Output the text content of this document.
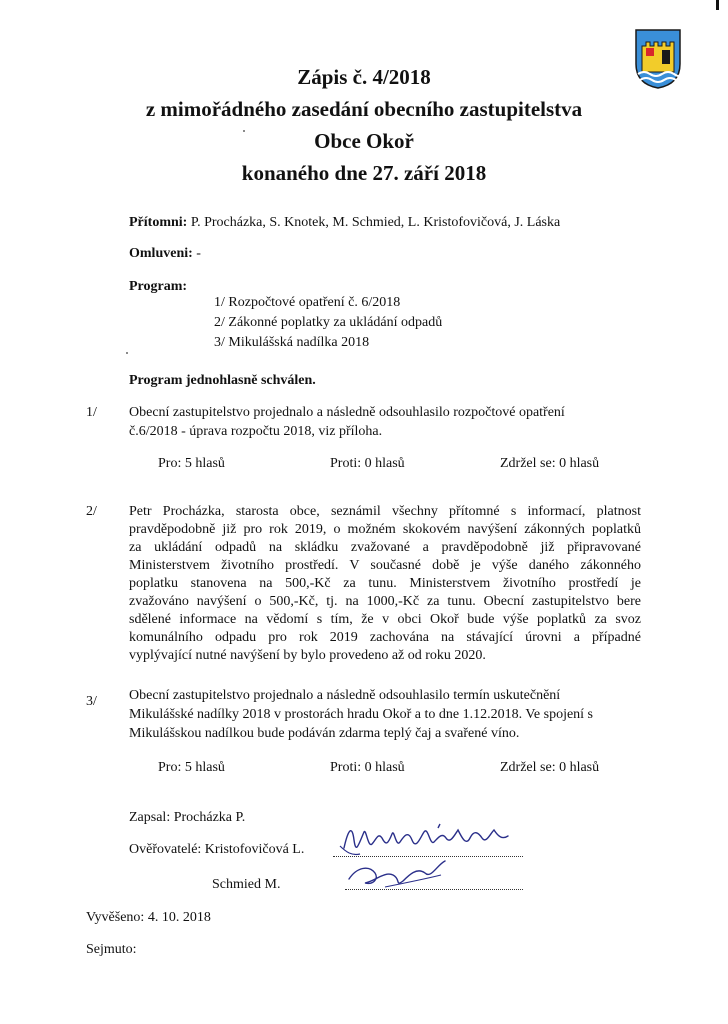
Zápis č. 4/2018
z mimořádného zasedání obecního zastupitelstva
Obce Okoř
konaného dne 27. září 2018
Přítomni: P. Procházka, S. Knotek, M. Schmied, L. Kristofovičová, J. Láska
Omluveni: -
Program:
1/ Rozpočtové opatření č. 6/2018
2/ Zákonné poplatky za ukládání odpadů
3/ Mikulášská nadílka 2018
Program jednohlasně schválen.
1/ Obecní zastupitelstvo projednalo a následně odsouhlasilo rozpočtové opatření
č.6/2018 - úprava rozpočtu 2018, viz příloha.
Pro: 5 hlasů	Proti: 0 hlasů	Zdržel se: 0 hlasů
2/ Petr Procházka, starosta obce, seznámil všechny přítomné s informací, platnost
pravděpodobně již pro rok 2019, o možném skokovém navýšení zákonných poplatků
za ukládání odpadů na skládku zvažované a pravděpodobně již připravované
Ministerstvem životního prostředí. V současné době je výše daného zákonného
poplatku stanovena na 500,-Kč za tunu. Ministerstvem životního prostředí je
zvažováno navýšení o 500,-Kč, tj. na 1000,-Kč za tunu. Obecní zastupitelstvo bere
sdělené informace na vědomí s tím, že v obci Okoř bude výše poplatků za svoz
komunálního odpadu pro rok 2019 zachována na stávající úrovni a případné
vyplývající nutné navýšení by bylo provedeno až od roku 2020.
3/ Obecní zastupitelstvo projednalo a následně odsouhlasilo termín uskutečnění
Mikulášské nadílky 2018 v prostorách hradu Okoř a to dne 1.12.2018. Ve spojení s
Mikulášskou nadílkou bude podáván zdarma teplý čaj a svařené víno.
Pro: 5 hlasů	Proti: 0 hlasů	Zdržel se: 0 hlasů
Zapsal: Procházka P.
Ověřovatelé: Kristofovičová L.
Schmied M.
Vyvěšeno: 4. 10. 2018
Sejmuto:
